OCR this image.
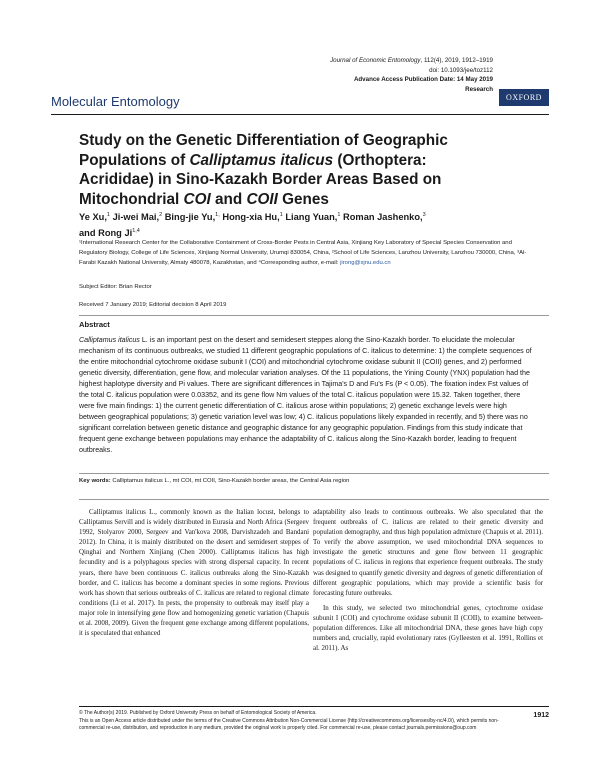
Journal of Economic Entomology, 112(4), 2019, 1912–1919
doi: 10.1093/jee/toz112
Advance Access Publication Date: 14 May 2019
Research
OXFORD
Molecular Entomology
Study on the Genetic Differentiation of Geographic Populations of Calliptamus italicus (Orthoptera: Acrididae) in Sino-Kazakh Border Areas Based on Mitochondrial COI and COII Genes
Ye Xu,$^1$ Ji-wei Mai,$^2$ Bing-jie Yu,$^{1,}$ Hong-xia Hu,$^1$ Liang Yuan,$^1$ Roman Jashenko,$^3$ and Rong Ji$^{1,4}$
¹International Research Center for the Collaborative Containment of Cross-Border Pests in Central Asia, Xinjiang Key Laboratory of Special Species Conservation and Regulatory Biology, College of Life Sciences, Xinjiang Normal University, Urumqi 830054, China, ²School of Life Sciences, Lanzhou University, Lanzhou 730000, China, ³Al-Farabi Kazakh National University, Almaty 480078, Kazakhstan, and ⁴Corresponding author, e-mail: jirong@xjnu.edu.cn
Subject Editor: Brian Rector
Received 7 January 2019; Editorial decision 8 April 2019
Abstract

Calliptamus italicus L. is an important pest on the desert and semidesert steppes along the Sino-Kazakh border. To elucidate the molecular mechanism of its continuous outbreaks, we studied 11 different geographic populations of C. italicus to determine: 1) the complete sequences of the entire mitochondrial cytochrome oxidase subunit I (COI) and mitochondrial cytochrome oxidase subunit II (COII) genes, and 2) performed genetic diversity, differentiation, gene flow, and molecular variation analyses. Of the 11 populations, the Yining County (YNX) population had the highest haplotype diversity and Pi values. There are significant differences in Tajima's D and Fu's Fs (P < 0.05). The fixation index Fst values of the total C. italicus population were 0.03352, and its gene flow Nm values of the total C. italicus population were 15.32. Taken together, there were five main findings: 1) the current genetic differentiation of C. italicus arose within populations; 2) genetic exchange levels were high between geographical populations; 3) genetic variation level was low; 4) C. italicus populations likely expanded in recently, and 5) there was no significant correlation between genetic distance and geographic distance for any geographic population. Findings from this study indicate that frequent gene exchange between populations may enhance the adaptability of C. italicus along the Sino-Kazakh border, leading to frequent outbreaks.

Key words: Calliptamus italicus L., mt COI, mt COII, Sino-Kazakh border areas, the Central Asia region

Calliptamus italicus L., commonly known as the Italian locust, belongs to Calliptamus Servill and is widely distributed in Eurasia and North Africa (Sergeev 1992, Stolyarov 2000, Sergeev and Van'kova 2008, Darvishzadeh and Bandani 2012). In China, it is mainly distributed on the desert and semidesert steppes of Qinghai and Northern Xinjiang (Chen 2000). Calliptamus italicus has high fecundity and is a polyphagous species with strong dispersal capacity. In recent years, there have been continuous C. italicus outbreaks along the Sino-Kazakh border, and C. italicus has become a dominant species in some regions. Previous work has shown that serious outbreaks of C. italicus are related to regional climate conditions (Li et al. 2017). In pests, the propensity to outbreak may itself play a major role in intensifying gene flow and homogenizing genetic variation (Chapuis et al. 2008, 2009). Given the frequent gene exchange among different populations, it is speculated that enhanced

adaptability also leads to continuous outbreaks. We also speculated that the frequent outbreaks of C. italicus are related to their genetic diversity and population demography, and thus high population admixture (Chapuis et al. 2011). To verify the above assumption, we used mitochondrial DNA sequences to investigate the genetic structures and gene flow between 11 geographic populations of C. italicus in regions that experience frequent outbreaks. The study was designed to quantify genetic diversity and degrees of genetic differentiation of different geographic populations, which may provide a scientific basis for forecasting future outbreaks.

In this study, we selected two mitochondrial genes, cytochrome oxidase subunit I (COI) and cytochrome oxidase subunit II (COII), to examine between-population differences. Like all mitochondrial DNA, these genes have high copy numbers and, crucially, rapid evolutionary rates (Gylleesten et al. 1991, Rollins et al. 2011). As

© The Author(s) 2019. Published by Oxford University Press on behalf of Entomological Society of America.
This is an Open Access article distributed under the terms of the Creative Commons Attribution Non-Commercial License (http://creativecommons.org/licenses/by-nc/4.0/), which permits non-commercial re-use, distribution, and reproduction in any medium, provided the original work is properly cited. For commercial re-use, please contact journals.permissions@oup.com
1912
